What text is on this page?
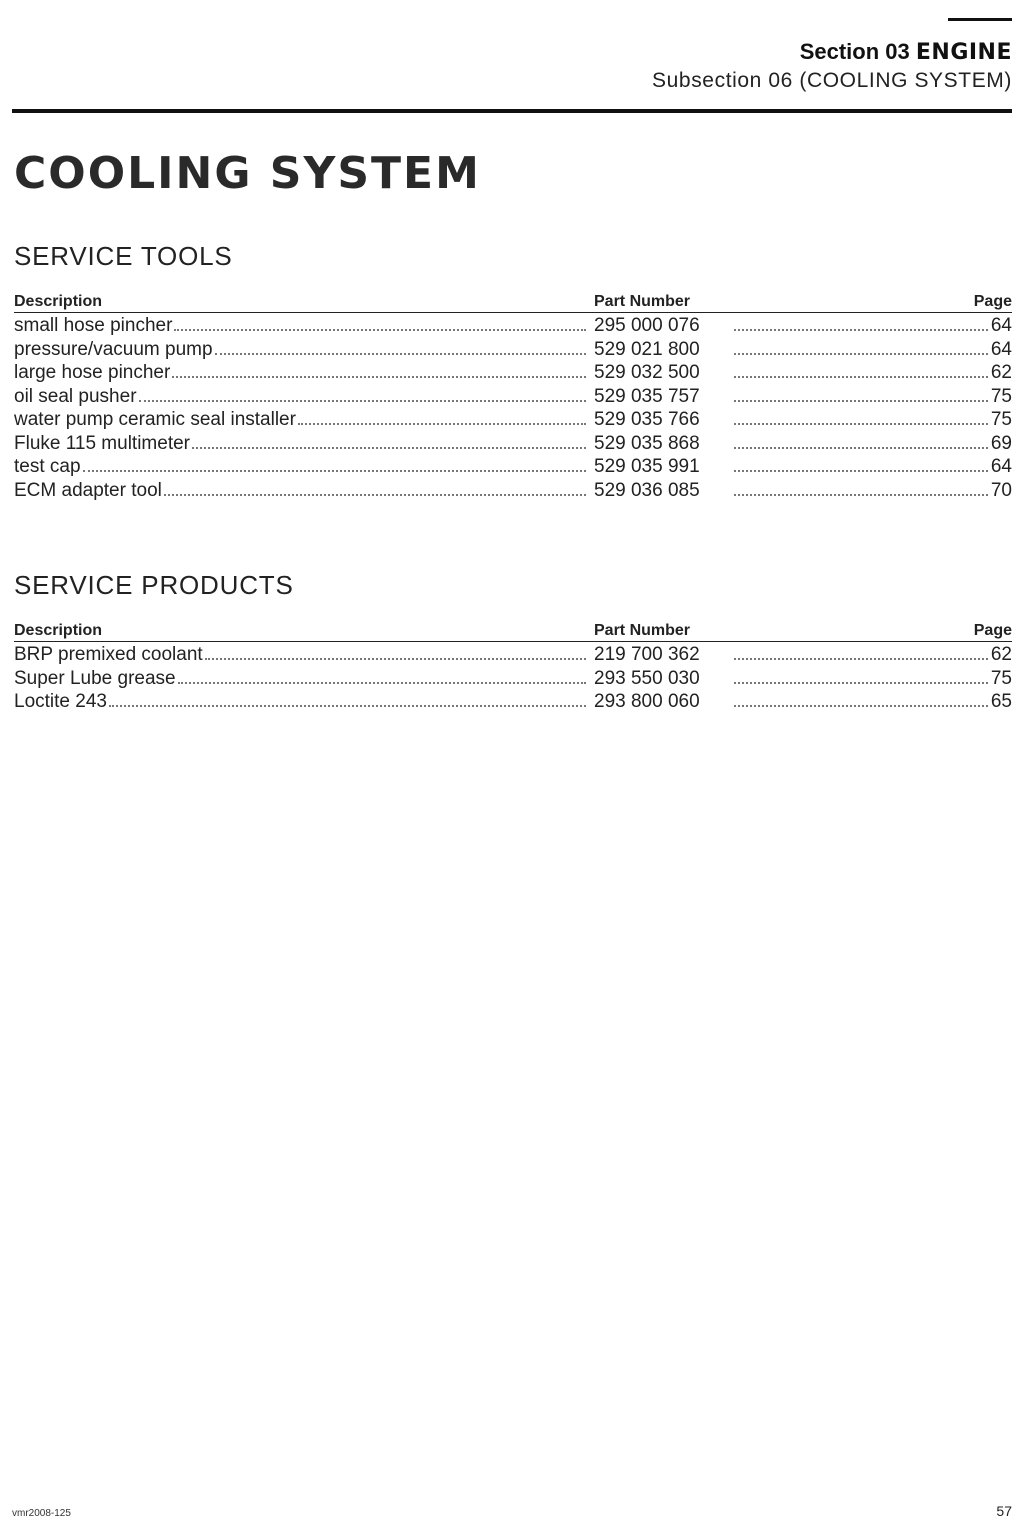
Section 03 ENGINE
Subsection 06 (COOLING SYSTEM)
COOLING SYSTEM
SERVICE TOOLS
Description	Part Number	Page
small hose pincher	295 000 076	64
pressure/vacuum pump	529 021 800	64
large hose pincher	529 032 500	62
oil seal pusher	529 035 757	75
water pump ceramic seal installer	529 035 766	75
Fluke 115 multimeter	529 035 868	69
test cap	529 035 991	64
ECM adapter tool	529 036 085	70
SERVICE PRODUCTS
Description	Part Number	Page
BRP premixed coolant	219 700 362	62
Super Lube grease	293 550 030	75
Loctite 243	293 800 060	65
vmr2008-125	57
